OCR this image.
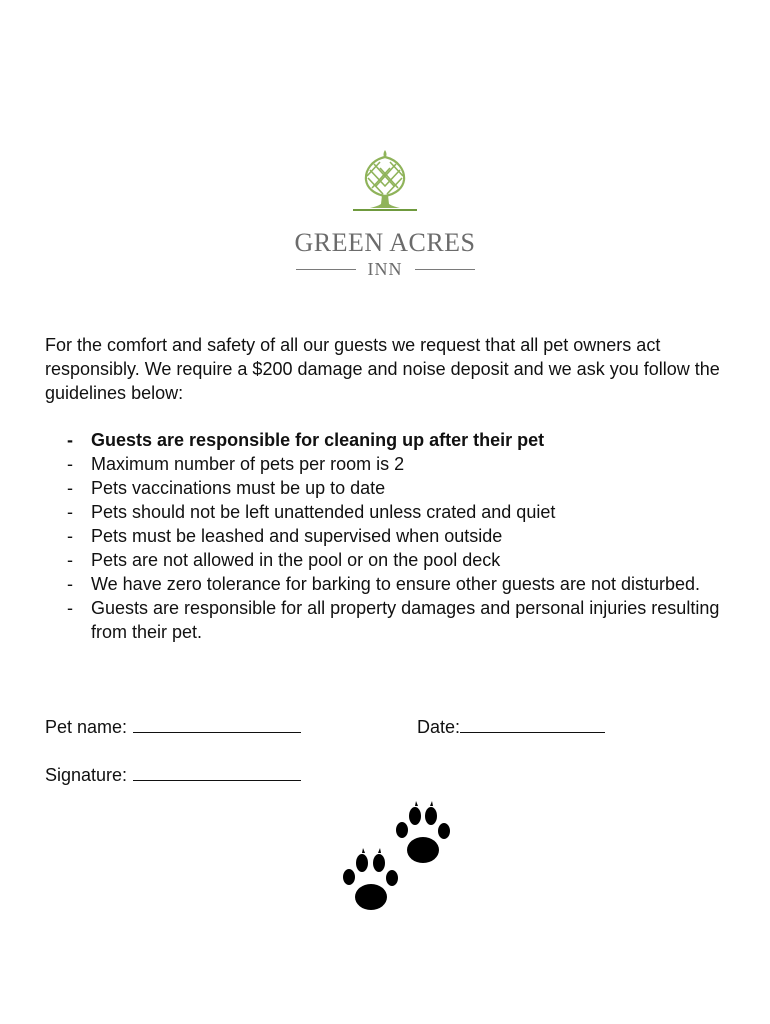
GREEN ACRES
INN

For the comfort and safety of all our guests we request that all pet owners act responsibly. We require a $200 damage and noise deposit and we ask you follow the guidelines below:

- Guests are responsible for cleaning up after their pet
- Maximum number of pets per room is 2
- Pets vaccinations must be up to date
- Pets should not be left unattended unless crated and quiet
- Pets must be leashed and supervised when outside
- Pets are not allowed in the pool or on the pool deck
- We have zero tolerance for barking to ensure other guests are not disturbed.
- Guests are responsible for all property damages and personal injuries resulting from their pet.
Pet name:	Date:
Signature:
